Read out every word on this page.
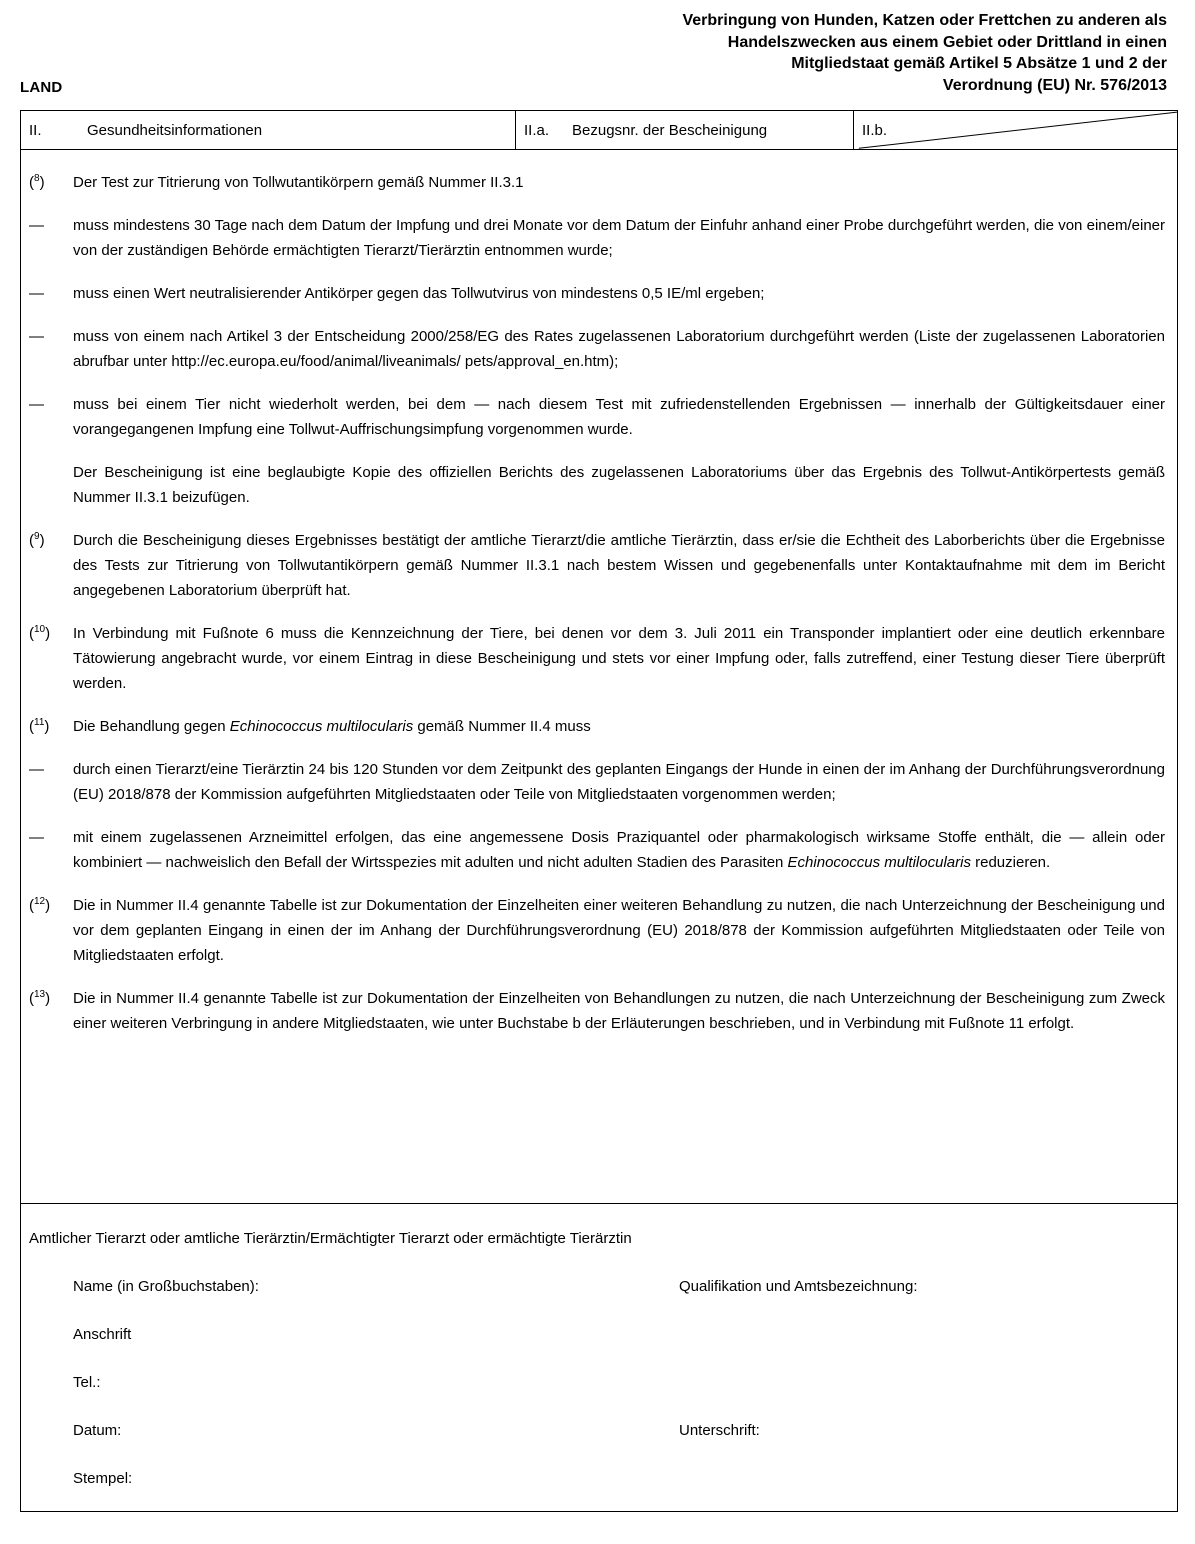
LAND
Verbringung von Hunden, Katzen oder Frettchen zu anderen als
Handelszwecken aus einem Gebiet oder Drittland in einen
Mitgliedstaat gemäß Artikel 5 Absätze 1 und 2 der
Verordnung (EU) Nr. 576/2013
II.	Gesundheitsinformationen	II.a.	Bezugsnr. der Bescheinigung	II.b.
($^8$)	Der Test zur Titrierung von Tollwutantikörpern gemäß Nummer II.3.1
—	muss mindestens 30 Tage nach dem Datum der Impfung und drei Monate vor dem Datum der Einfuhr anhand einer Probe durchgeführt werden, die von einem/einer von der zuständigen Behörde ermächtigten Tierarzt/Tierärztin entnommen wurde;
—	muss einen Wert neutralisierender Antikörper gegen das Tollwutvirus von mindestens 0,5 IE/ml ergeben;
—	muss von einem nach Artikel 3 der Entscheidung 2000/258/EG des Rates zugelassenen Laboratorium durchgeführt werden (Liste der zugelassenen Laboratorien abrufbar unter http://ec.europa.eu/food/animal/liveanimals/ pets/approval_en.htm);
—	muss bei einem Tier nicht wiederholt werden, bei dem — nach diesem Test mit zufriedenstellenden Ergebnissen — innerhalb der Gültigkeitsdauer einer vorangegangenen Impfung eine Tollwut-Auffrischungsimpfung vorgenommen wurde.
Der Bescheinigung ist eine beglaubigte Kopie des offiziellen Berichts des zugelassenen Laboratoriums über das Ergebnis des Tollwut-Antikörpertests gemäß Nummer II.3.1 beizufügen.
($^9$)	Durch die Bescheinigung dieses Ergebnisses bestätigt der amtliche Tierarzt/die amtliche Tierärztin, dass er/sie die Echtheit des Laborberichts über die Ergebnisse des Tests zur Titrierung von Tollwutantikörpern gemäß Nummer II.3.1 nach bestem Wissen und gegebenenfalls unter Kontaktaufnahme mit dem im Bericht angegebenen Laboratorium überprüft hat.
($^{10}$)	In Verbindung mit Fußnote 6 muss die Kennzeichnung der Tiere, bei denen vor dem 3. Juli 2011 ein Transponder implantiert oder eine deutlich erkennbare Tätowierung angebracht wurde, vor einem Eintrag in diese Bescheinigung und stets vor einer Impfung oder, falls zutreffend, einer Testung dieser Tiere überprüft werden.
($^{11}$)	Die Behandlung gegen Echinococcus multilocularis gemäß Nummer II.4 muss
—	durch einen Tierarzt/eine Tierärztin 24 bis 120 Stunden vor dem Zeitpunkt des geplanten Eingangs der Hunde in einen der im Anhang der Durchführungsverordnung (EU) 2018/878 der Kommission aufgeführten Mitgliedstaaten oder Teile von Mitgliedstaaten vorgenommen werden;
—	mit einem zugelassenen Arzneimittel erfolgen, das eine angemessene Dosis Praziquantel oder pharmakologisch wirksame Stoffe enthält, die — allein oder kombiniert — nachweislich den Befall der Wirtsspezies mit adulten und nicht adulten Stadien des Parasiten Echinococcus multilocularis reduzieren.
($^{12}$)	Die in Nummer II.4 genannte Tabelle ist zur Dokumentation der Einzelheiten einer weiteren Behandlung zu nutzen, die nach Unterzeichnung der Bescheinigung und vor dem geplanten Eingang in einen der im Anhang der Durchführungsverordnung (EU) 2018/878 der Kommission aufgeführten Mitgliedstaaten oder Teile von Mitgliedstaaten erfolgt.
($^{13}$)	Die in Nummer II.4 genannte Tabelle ist zur Dokumentation der Einzelheiten von Behandlungen zu nutzen, die nach Unterzeichnung der Bescheinigung zum Zweck einer weiteren Verbringung in andere Mitgliedstaaten, wie unter Buchstabe b der Erläuterungen beschrieben, und in Verbindung mit Fußnote 11 erfolgt.
Amtlicher Tierarzt oder amtliche Tierärztin/Ermächtigter Tierarzt oder ermächtigte Tierärztin
Name (in Großbuchstaben):	Qualifikation und Amtsbezeichnung:
Anschrift
Tel.:
Datum:	Unterschrift:
Stempel:
